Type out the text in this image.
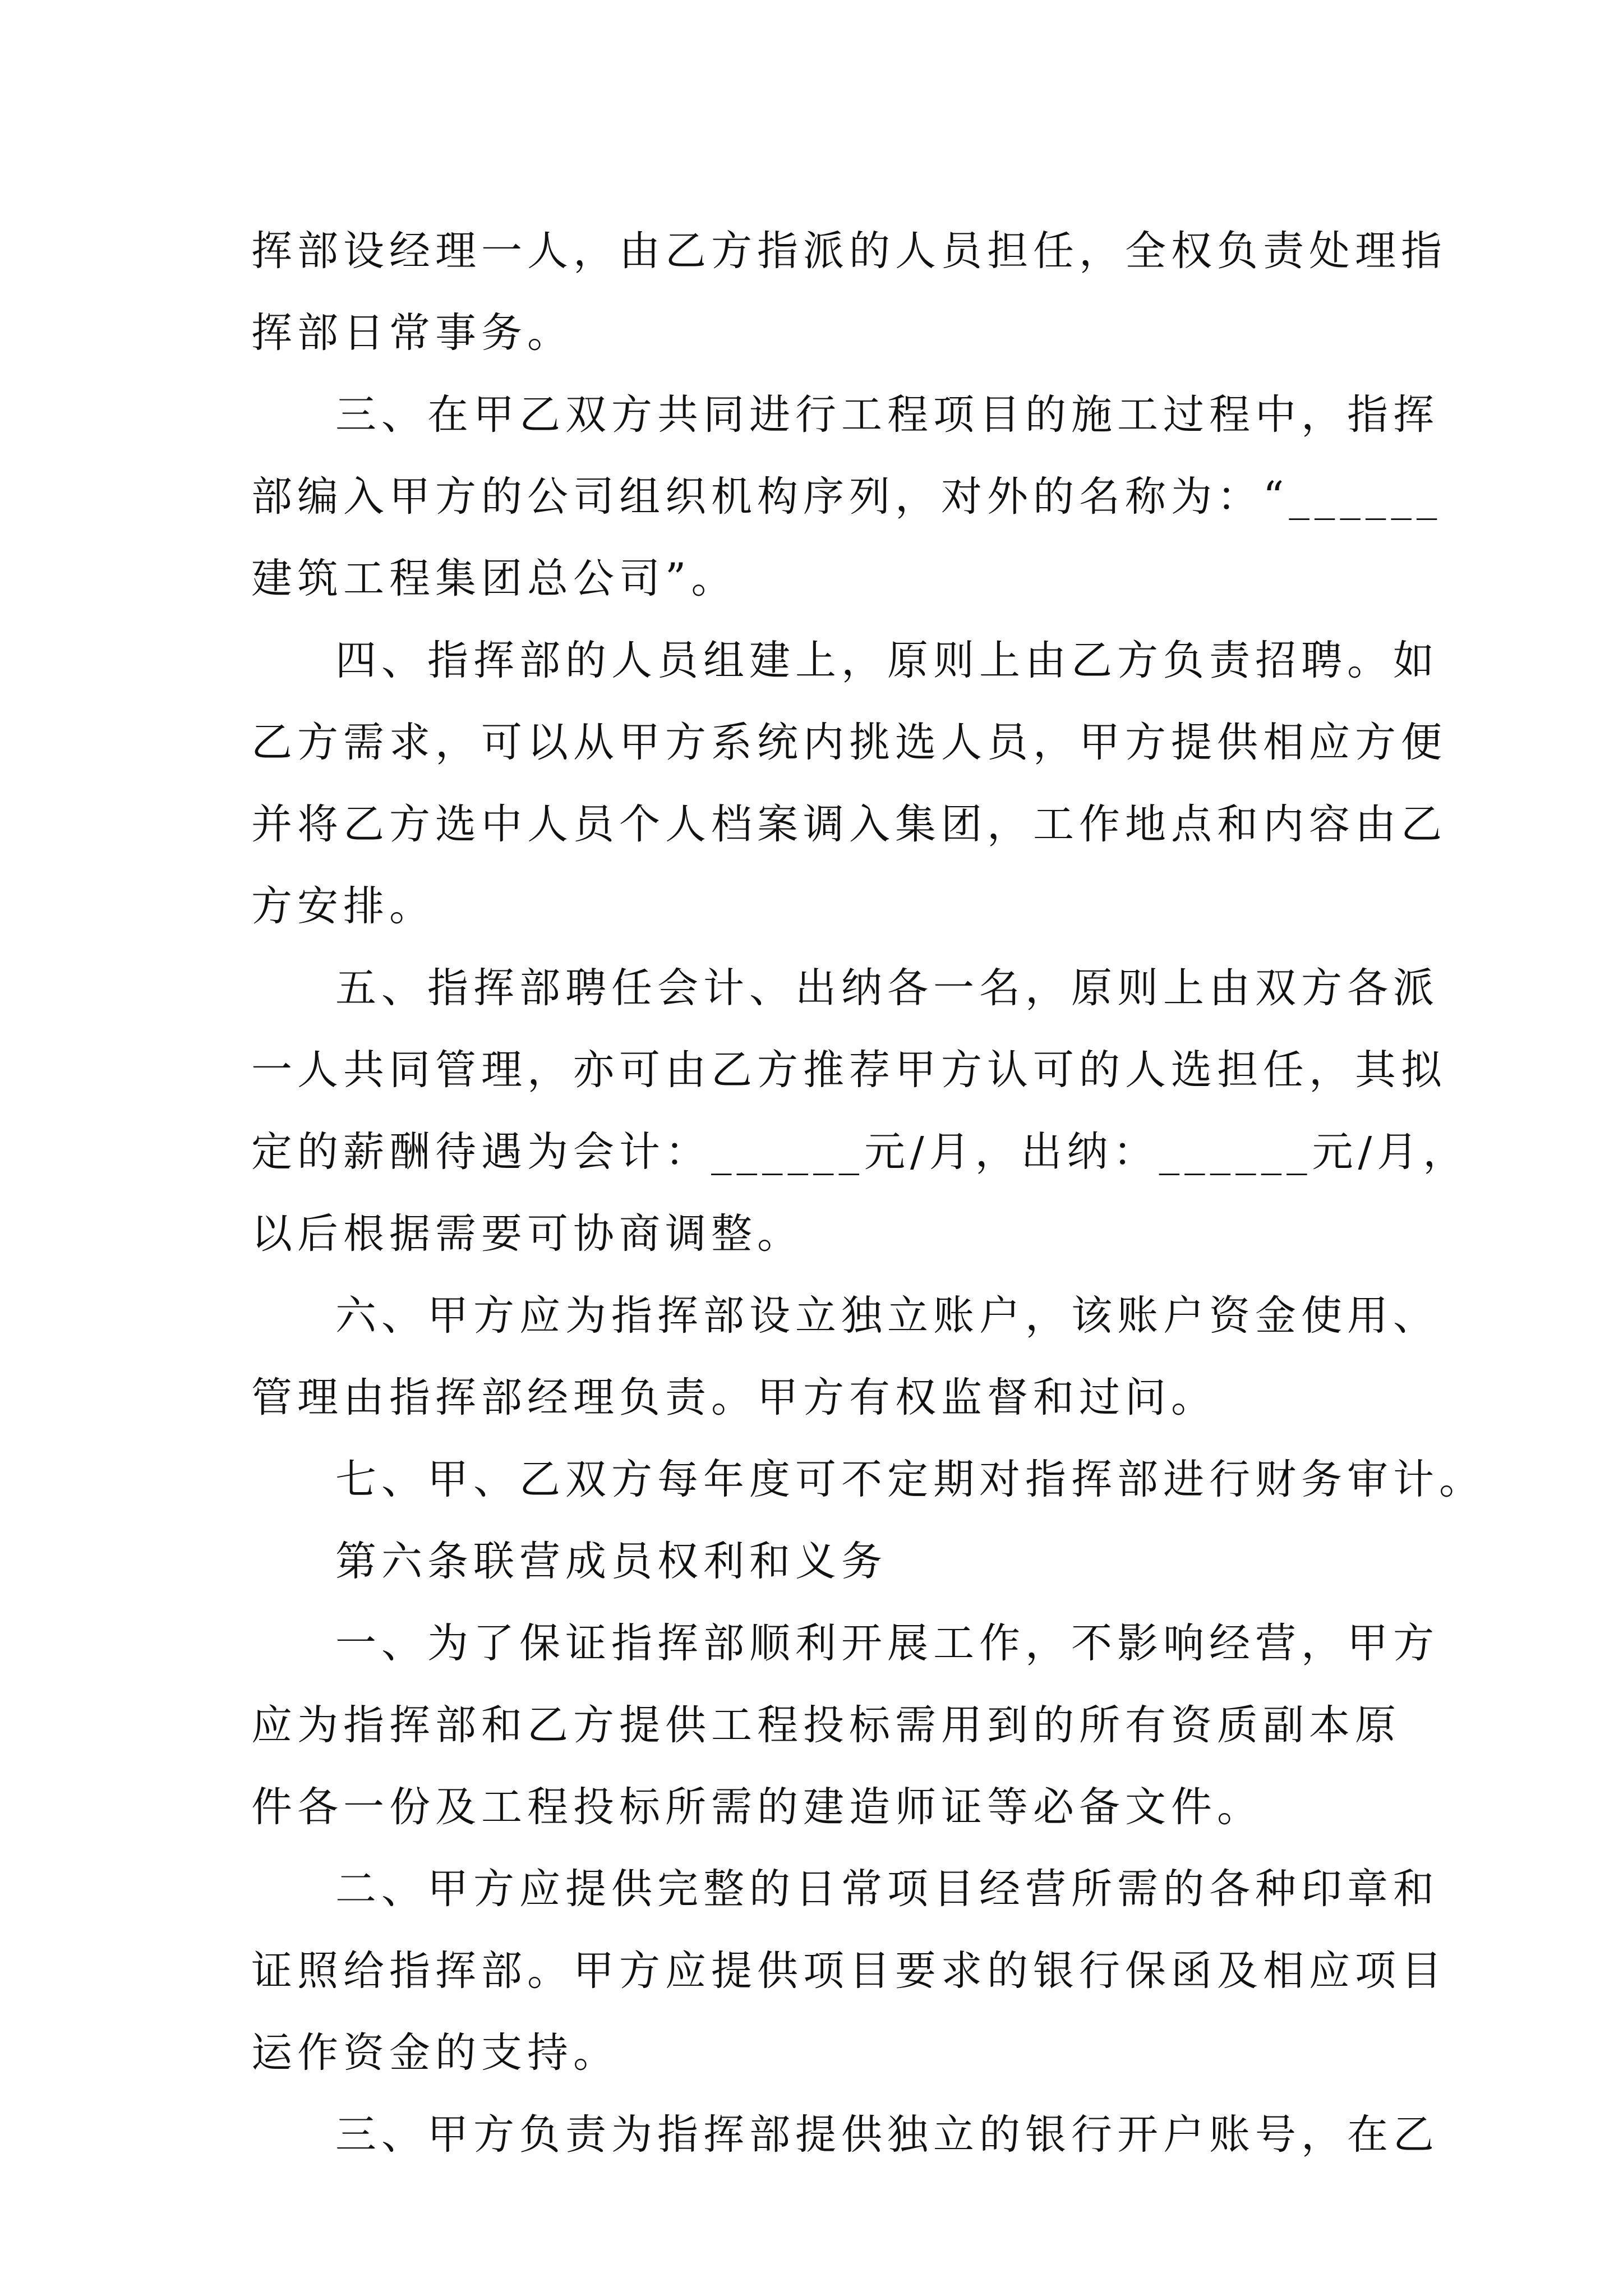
挥部设经理一人，由乙方指派的人员担任，全权负责处理指
挥部日常事务。
三、在甲乙双方共同进行工程项目的施工过程中，指挥
部编入甲方的公司组织机构序列，对外的名称为：“______
建筑工程集团总公司”。
四、指挥部的人员组建上，原则上由乙方负责招聘。如
乙方需求，可以从甲方系统内挑选人员，甲方提供相应方便
并将乙方选中人员个人档案调入集团，工作地点和内容由乙
方安排。
五、指挥部聘任会计、出纳各一名，原则上由双方各派
一人共同管理，亦可由乙方推荐甲方认可的人选担任，其拟
定的薪酬待遇为会计：______元/月，出纳：______元/月，
以后根据需要可协商调整。
六、甲方应为指挥部设立独立账户，该账户资金使用、
管理由指挥部经理负责。甲方有权监督和过问。
七、甲、乙双方每年度可不定期对指挥部进行财务审计。
第六条联营成员权利和义务
一、为了保证指挥部顺利开展工作，不影响经营，甲方
应为指挥部和乙方提供工程投标需用到的所有资质副本原
件各一份及工程投标所需的建造师证等必备文件。
二、甲方应提供完整的日常项目经营所需的各种印章和
证照给指挥部。甲方应提供项目要求的银行保函及相应项目
运作资金的支持。
三、甲方负责为指挥部提供独立的银行开户账号，在乙
